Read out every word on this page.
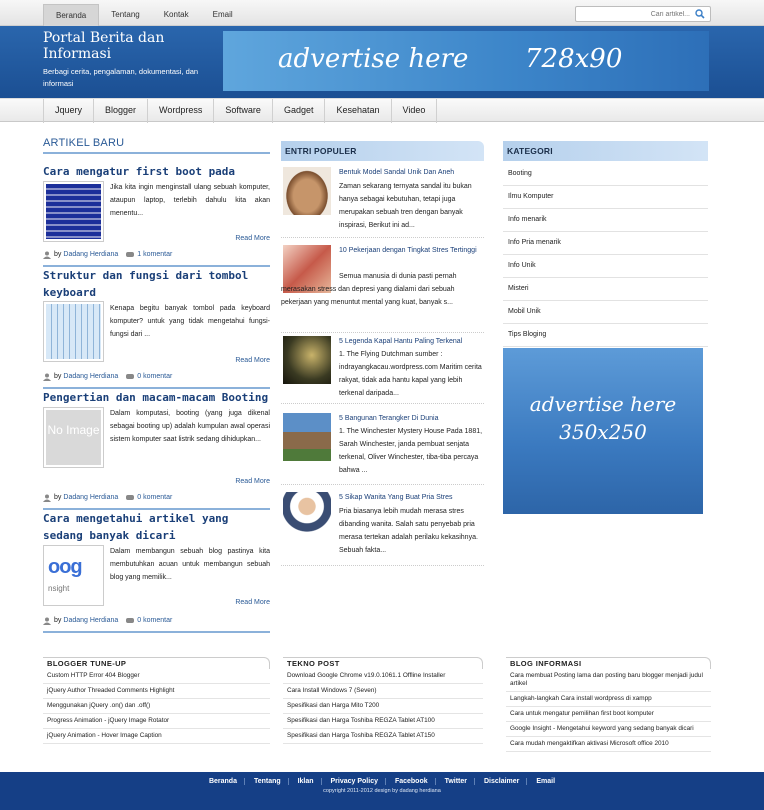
Beranda	Tentang	Kontak	Email
Cari artikel...
Portal Berita dan Informasi
Berbagi cerita, pengalaman, dokumentasi, dan informasi
advertise here 728x90
Jquery	Blogger	Wordpress	Software	Gadget	Kesehatan	Video
ARTIKEL BARU
Cara mengatur first boot pada
Jika kita ingin menginstall ulang sebuah komputer, ataupun laptop, terlebih dahulu kita akan menentu...
Read More
by Dadang Herdiana	1 komentar
Struktur dan fungsi dari tombol keyboard
Kenapa begitu banyak tombol pada keyboard komputer? untuk yang tidak mengetahui fungsi-fungsi dari ...
Read More
by Dadang Herdiana	0 komentar
Pengertian dan macam-macam Booting
No Image
Dalam komputasi, booting (yang juga dikenal sebagai booting up) adalah kumpulan awal operasi sistem komputer saat listrik sedang dihidupkan...
Read More
by Dadang Herdiana	0 komentar
Cara mengetahui artikel yang sedang banyak dicari
oog
nsight
Dalam membangun sebuah blog pastinya kita membutuhkan acuan untuk membangun sebuah blog yang memilik...
Read More
by Dadang Herdiana	0 komentar
ENTRI POPULER
Bentuk Model Sandal Unik Dan Aneh
Zaman sekarang ternyata sandal itu bukan hanya sebagai kebutuhan, tetapi juga merupakan sebuah tren dengan banyak inspirasi, Berikut ini ad...
10 Pekerjaan dengan Tingkat Stres Tertinggi
Semua manusia di dunia pasti pernah merasakan stress dan depresi yang dialami dari sebuah pekerjaan yang menuntut mental yang kuat, banyak s...
5 Legenda Kapal Hantu Paling Terkenal
1. The Flying Dutchman sumber : indrayangkacau.wordpress.com Maritim cerita rakyat, tidak ada hantu kapal yang lebih terkenal daripada...
5 Bangunan Terangker Di Dunia
1. The Winchester Mystery House Pada 1881, Sarah Winchester, janda pembuat senjata terkenal, Oliver Winchester, tiba-tiba percaya bahwa ...
5 Sikap Wanita Yang Buat Pria Stres
Pria biasanya lebih mudah merasa stres dibanding wanita. Salah satu penyebab pria merasa tertekan adalah perilaku kekasihnya. Sebuah fakta...
KATEGORI
Booting
Ilmu Komputer
Info menarik
Info Pria menarik
Info Unik
Misteri
Mobil Unik
Tips Bloging
advertise here
350x250
BLOGGER TUNE-UP
Custom HTTP Error 404 Blogger
jQuery Author Threaded Comments Highlight
Menggunakan jQuery .on() dan .off()
Progress Animation - jQuery Image Rotator
jQuery Animation - Hover Image Caption
TEKNO POST
Download Google Chrome v19.0.1061.1 Offline Installer
Cara Install Windows 7 (Seven)
Spesifikasi dan Harga Mito T200
Spesifikasi dan Harga Toshiba REGZA Tablet AT100
Spesifikasi dan Harga Toshiba REGZA Tablet AT150
BLOG INFORMASI
Cara membuat Posting lama dan posting baru blogger menjadi judul artikel
Langkah-langkah Cara install wordpress di xampp
Cara untuk mengatur pemilihan first boot komputer
Google Insight - Mengetahui keyword yang sedang banyak dicari
Cara mudah mengaktifkan aktivasi Microsoft office 2010
Beranda Tentang Iklan Privacy Policy Facebook Twitter Disclaimer Email
copyright 2011-2012 design by dadang herdiana
